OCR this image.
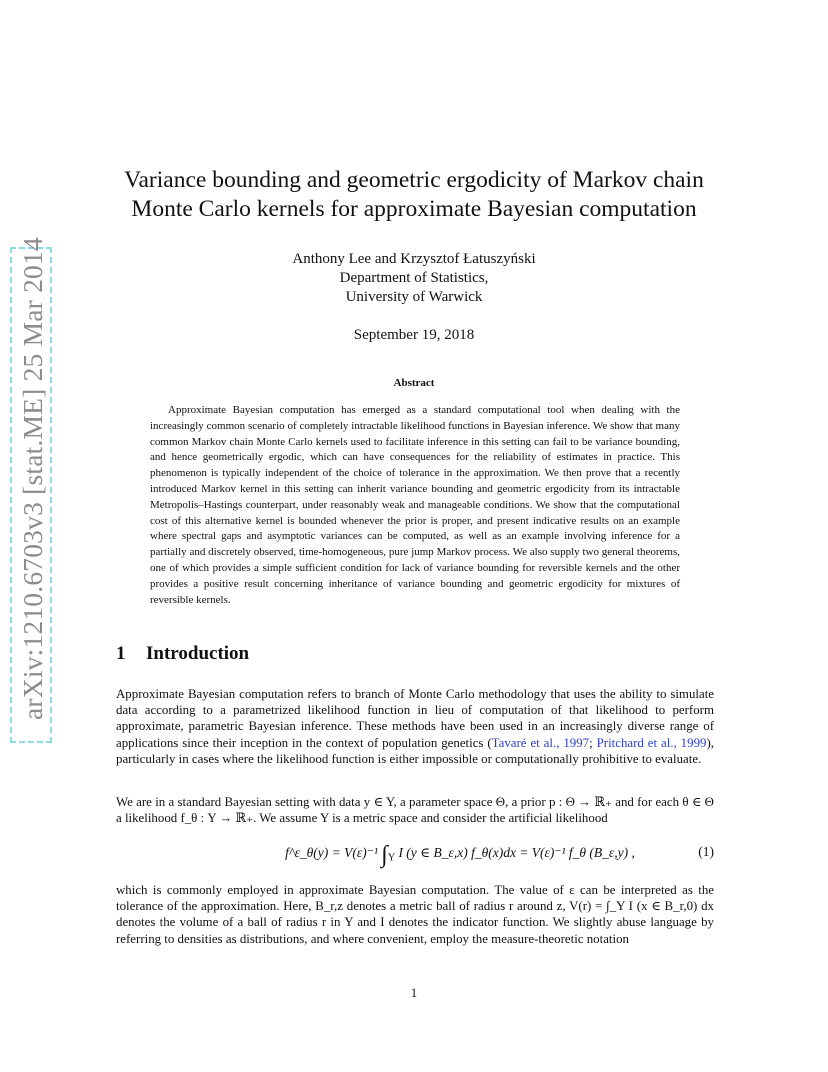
arXiv:1210.6703v3 [stat.ME] 25 Mar 2014
Variance bounding and geometric ergodicity of Markov chain
Monte Carlo kernels for approximate Bayesian computation
Anthony Lee and Krzysztof Łatuszyński
Department of Statistics,
University of Warwick
September 19, 2018
Abstract
Approximate Bayesian computation has emerged as a standard computational tool when dealing with the increasingly common scenario of completely intractable likelihood functions in Bayesian inference. We show that many common Markov chain Monte Carlo kernels used to facilitate inference in this setting can fail to be variance bounding, and hence geometrically ergodic, which can have consequences for the reliability of estimates in practice. This phenomenon is typically independent of the choice of tolerance in the approximation. We then prove that a recently introduced Markov kernel in this setting can inherit variance bounding and geometric ergodicity from its intractable Metropolis–Hastings counterpart, under reasonably weak and manageable conditions. We show that the computational cost of this alternative kernel is bounded whenever the prior is proper, and present indicative results on an example where spectral gaps and asymptotic variances can be computed, as well as an example involving inference for a partially and discretely observed, time-homogeneous, pure jump Markov process. We also supply two general theorems, one of which provides a simple sufficient condition for lack of variance bounding for reversible kernels and the other provides a positive result concerning inheritance of variance bounding and geometric ergodicity for mixtures of reversible kernels.
1 Introduction
Approximate Bayesian computation refers to branch of Monte Carlo methodology that uses the ability to simulate data according to a parametrized likelihood function in lieu of computation of that likelihood to perform approximate, parametric Bayesian inference. These methods have been used in an increasingly diverse range of applications since their inception in the context of population genetics (Tavaré et al., 1997; Pritchard et al., 1999), particularly in cases where the likelihood function is either impossible or computationally prohibitive to evaluate.
We are in a standard Bayesian setting with data y ∈ Y, a parameter space Θ, a prior p : Θ → ℝ₊ and for each θ ∈ Θ a likelihood f_θ : Y → ℝ₊. We assume Y is a metric space and consider the artificial likelihood
f^ε_θ(y) = V(ε)⁻¹ $\int_Y$ I (y ∈ B_ε,x) f_θ(x)dx = V(ε)⁻¹ f_θ (B_ε,y) ,	(1)
which is commonly employed in approximate Bayesian computation. The value of ε can be interpreted as the tolerance of the approximation. Here, B_r,z denotes a metric ball of radius r around z, V(r) = ∫_Y I (x ∈ B_r,0) dx denotes the volume of a ball of radius r in Y and I denotes the indicator function. We slightly abuse language by referring to densities as distributions, and where convenient, employ the measure-theoretic notation
1
